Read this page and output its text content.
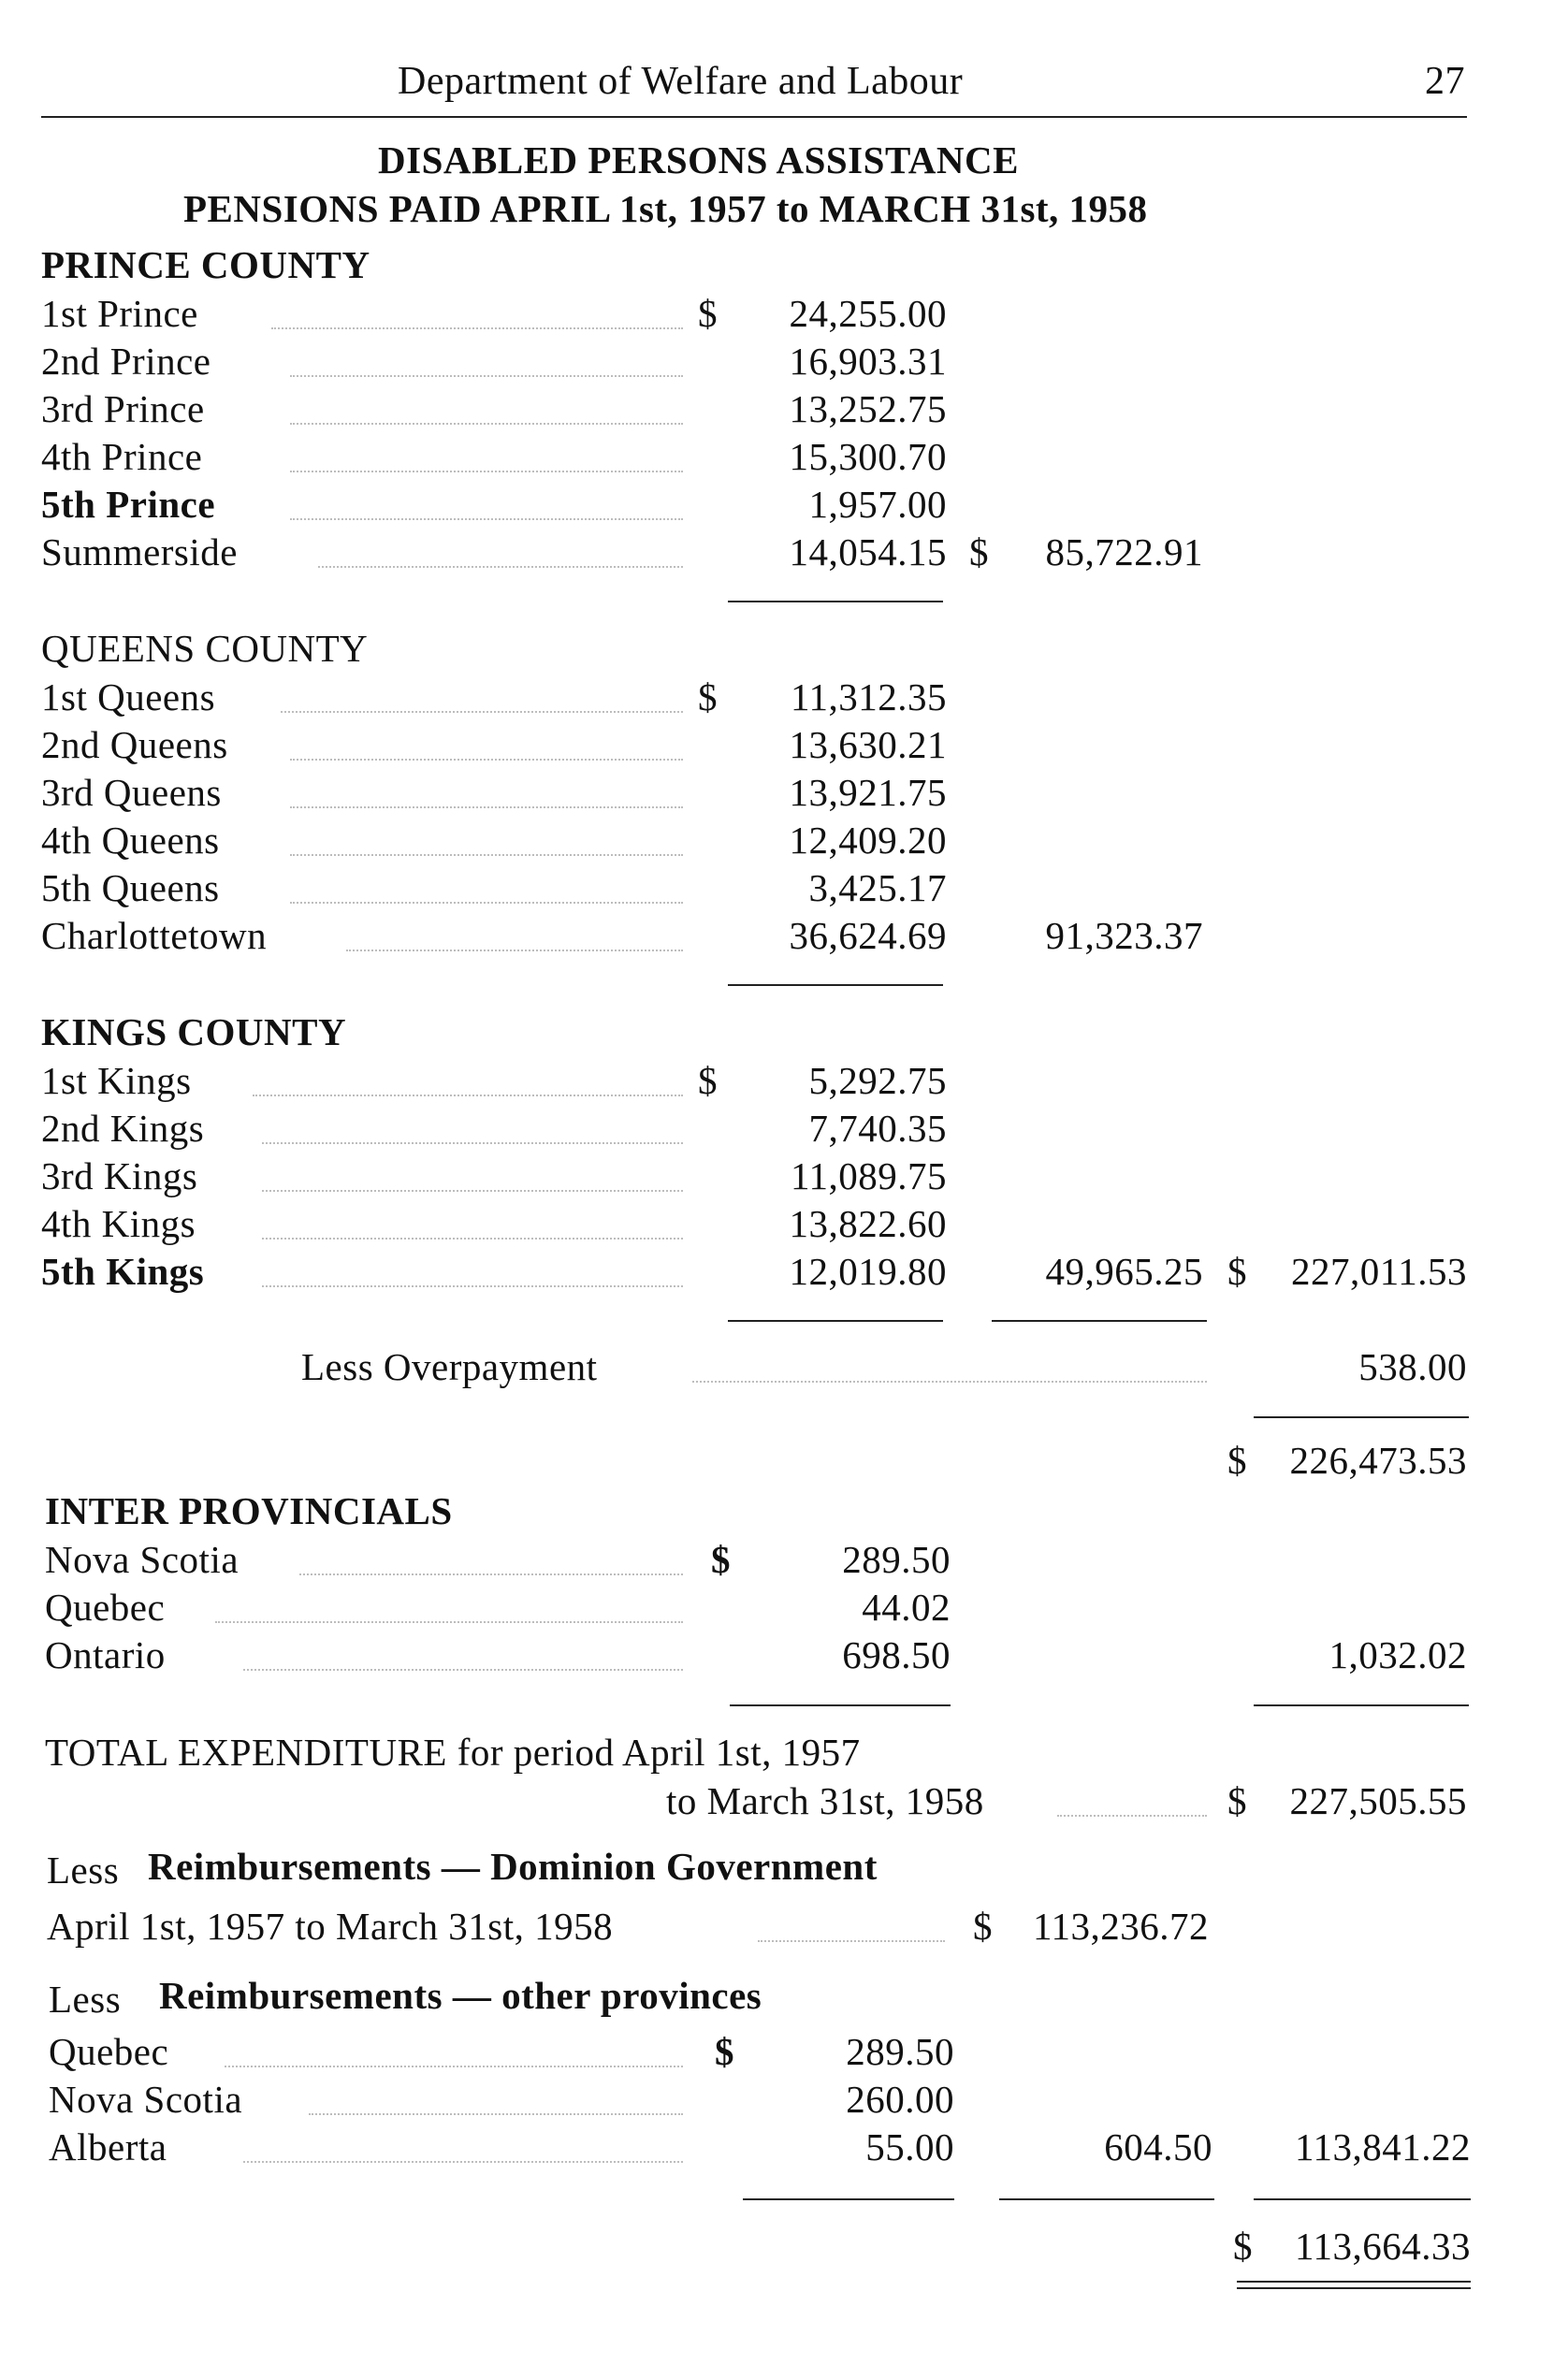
Department of Welfare and Labour	27
DISABLED PERSONS ASSISTANCE
PENSIONS PAID APRIL 1st, 1957 to MARCH 31st, 1958
PRINCE COUNTY
1st Prince	$ 24,255.00
2nd Prince	16,903.31
3rd Prince	13,252.75
4th Prince	15,300.70
5th Prince	1,957.00
Summerside	14,054.15 $ 85,722.91
QUEENS COUNTY
1st Queens	$ 11,312.35
2nd Queens	13,630.21
3rd Queens	13,921.75
4th Queens	12,409.20
5th Queens	3,425.17
Charlottetown	36,624.69	91,323.37
KINGS COUNTY
1st Kings	$ 5,292.75
2nd Kings	7,740.35
3rd Kings	11,089.75
4th Kings	13,822.60
5th Kings	12,019.80	49,965.25 $ 227,011.53
Less Overpayment	538.00
$ 226,473.53
INTER PROVINCIALS
Nova Scotia	$	289.50
Quebec	44.02
Ontario	698.50	1,032.02
TOTAL EXPENDITURE for period April 1st, 1957
to March 31st, 1958	$ 227,505.55
Less Reimbursements — Dominion Government
April 1st, 1957 to March 31st, 1958	$ 113,236.72
Less Reimbursements — other provinces
Quebec	$	289.50
Nova Scotia	260.00
Alberta	55.00	604.50 113,841.22
$ 113,664.33
